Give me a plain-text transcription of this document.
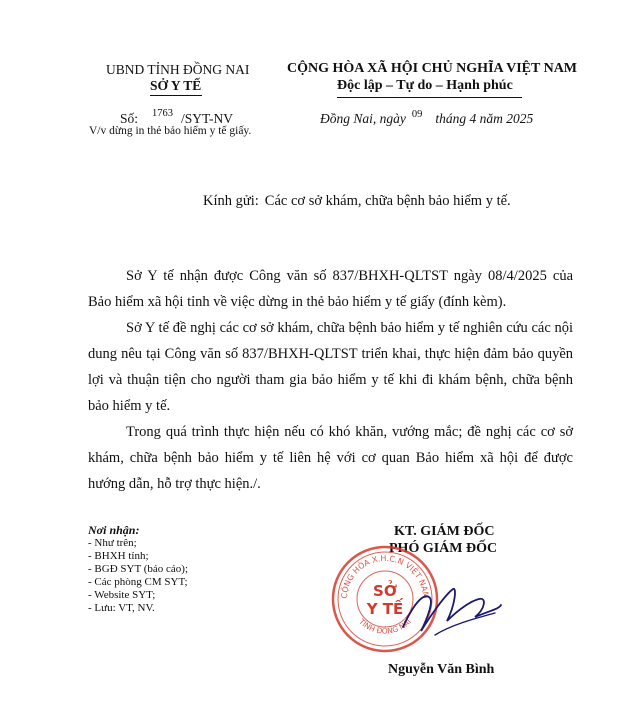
UBND TỈNH ĐỒNG NAI
SỞ Y TẾ
CỘNG HÒA XÃ HỘI CHỦ NGHĨA VIỆT NAM
Độc lập – Tự do – Hạnh phúc
Số: $^{1763}$ /SYT-NV
V/v dừng in thẻ bảo hiểm y tế giấy.
Đồng Nai, ngày $^{09}$ tháng 4 năm 2025
Kính gửi: Các cơ sở khám, chữa bệnh bảo hiểm y tế.

Sở Y tế nhận được Công văn số 837/BHXH-QLTST ngày 08/4/2025 của Bảo hiểm xã hội tỉnh về việc dừng in thẻ bảo hiểm y tế giấy (đính kèm).

Sở Y tế đề nghị các cơ sở khám, chữa bệnh bảo hiểm y tế nghiên cứu các nội dung nêu tại Công văn số 837/BHXH-QLTST triển khai, thực hiện đảm bảo quyền lợi và thuận tiện cho người tham gia bảo hiểm y tế khi đi khám bệnh, chữa bệnh bảo hiểm y tế.

Trong quá trình thực hiện nếu có khó khăn, vướng mắc; đề nghị các cơ sở khám, chữa bệnh bảo hiểm y tế liên hệ với cơ quan Bảo hiểm xã hội để được hướng dẫn, hỗ trợ thực hiện./.

Nơi nhận:
- Như trên;
- BHXH tỉnh;
- BGĐ SYT (báo cáo);
- Các phòng CM SYT;
- Website SYT;
- Lưu: VT, NV.
KT. GIÁM ĐỐC
PHÓ GIÁM ĐỐC
CỘNG HÒA X.H.C.N VIỆT NAM
TỈNH ĐỒNG NAI
SỞ
Y TẾ
Nguyễn Văn Bình
